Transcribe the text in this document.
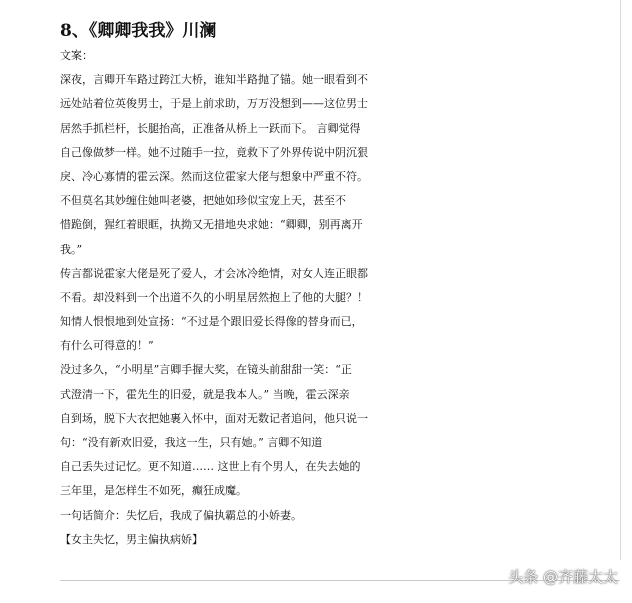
8、《卿卿我我》川澜
文案：
深夜，言卿开车路过跨江大桥，谁知半路抛了锚。她一眼看到不
远处站着位英俊男士，于是上前求助，万万没想到——这位男士
居然手抓栏杆，长腿抬高，正准备从桥上一跃而下。 言卿觉得
自己像做梦一样。她不过随手一拉，竟救下了外界传说中阴沉狠
戾、冷心寡情的霍云深。然而这位霍家大佬与想象中严重不符。
不但莫名其妙缠住她叫老婆，把她如珍似宝宠上天，甚至不
惜跪倒，猩红着眼眶，执拗又无措地央求她：“卿卿，别再离开
我。”
传言都说霍家大佬是死了爱人，才会冰冷绝情，对女人连正眼都
不看。却没料到一个出道不久的小明星居然抱上了他的大腿？！
知情人恨恨地到处宣扬：“不过是个跟旧爱长得像的替身而已，
有什么可得意的！”
没过多久，“小明星”言卿手握大奖，在镜头前甜甜一笑：“正
式澄清一下，霍先生的旧爱，就是我本人。” 当晚，霍云深亲
自到场，脱下大衣把她裹入怀中，面对无数记者追问，他只说一
句：“没有新欢旧爱，我这一生，只有她。” 言卿不知道
自己丢失过记忆。更不知道…… 这世上有个男人，在失去她的
三年里，是怎样生不如死，癫狂成魔。
一句话简介：失忆后，我成了偏执霸总的小娇妻。
【女主失忆，男主偏执病娇】
头条 @齐藤太太
